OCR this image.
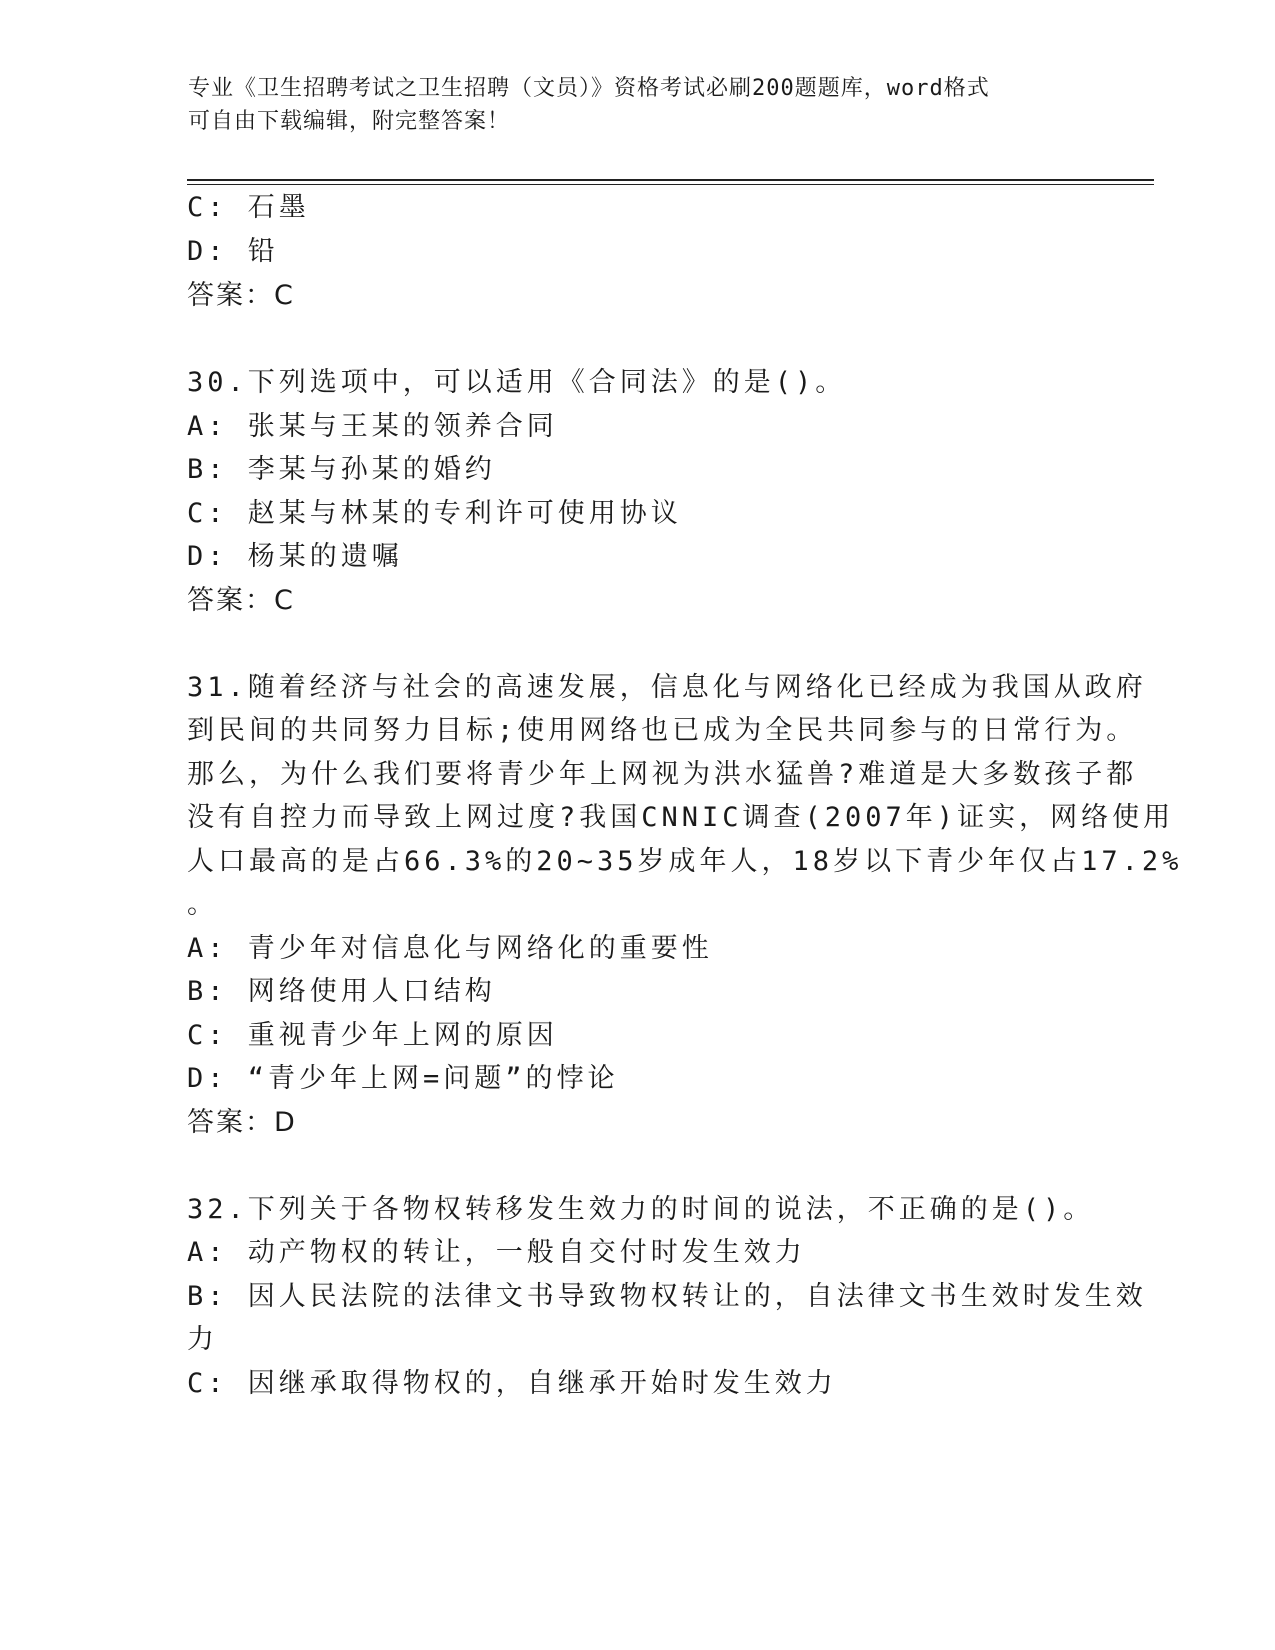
专业《卫生招聘考试之卫生招聘（文员）》资格考试必刷200题题库，word格式
可自由下载编辑，附完整答案！
C: 石墨
D: 铅
答案：C
30.下列选项中，可以适用《合同法》的是()。
A: 张某与王某的领养合同
B: 李某与孙某的婚约
C: 赵某与林某的专利许可使用协议
D: 杨某的遗嘱
答案：C
31.随着经济与社会的高速发展，信息化与网络化已经成为我国从政府
到民间的共同努力目标;使用网络也已成为全民共同参与的日常行为。
那么，为什么我们要将青少年上网视为洪水猛兽?难道是大多数孩子都
没有自控力而导致上网过度?我国CNNIC调查(2007年)证实，网络使用
人口最高的是占66.3%的20~35岁成年人，18岁以下青少年仅占17.2%
。
A: 青少年对信息化与网络化的重要性
B: 网络使用人口结构
C: 重视青少年上网的原因
D: “青少年上网=问题”的悖论
答案：D
32.下列关于各物权转移发生效力的时间的说法，不正确的是()。
A: 动产物权的转让，一般自交付时发生效力
B: 因人民法院的法律文书导致物权转让的，自法律文书生效时发生效
力
C: 因继承取得物权的，自继承开始时发生效力
